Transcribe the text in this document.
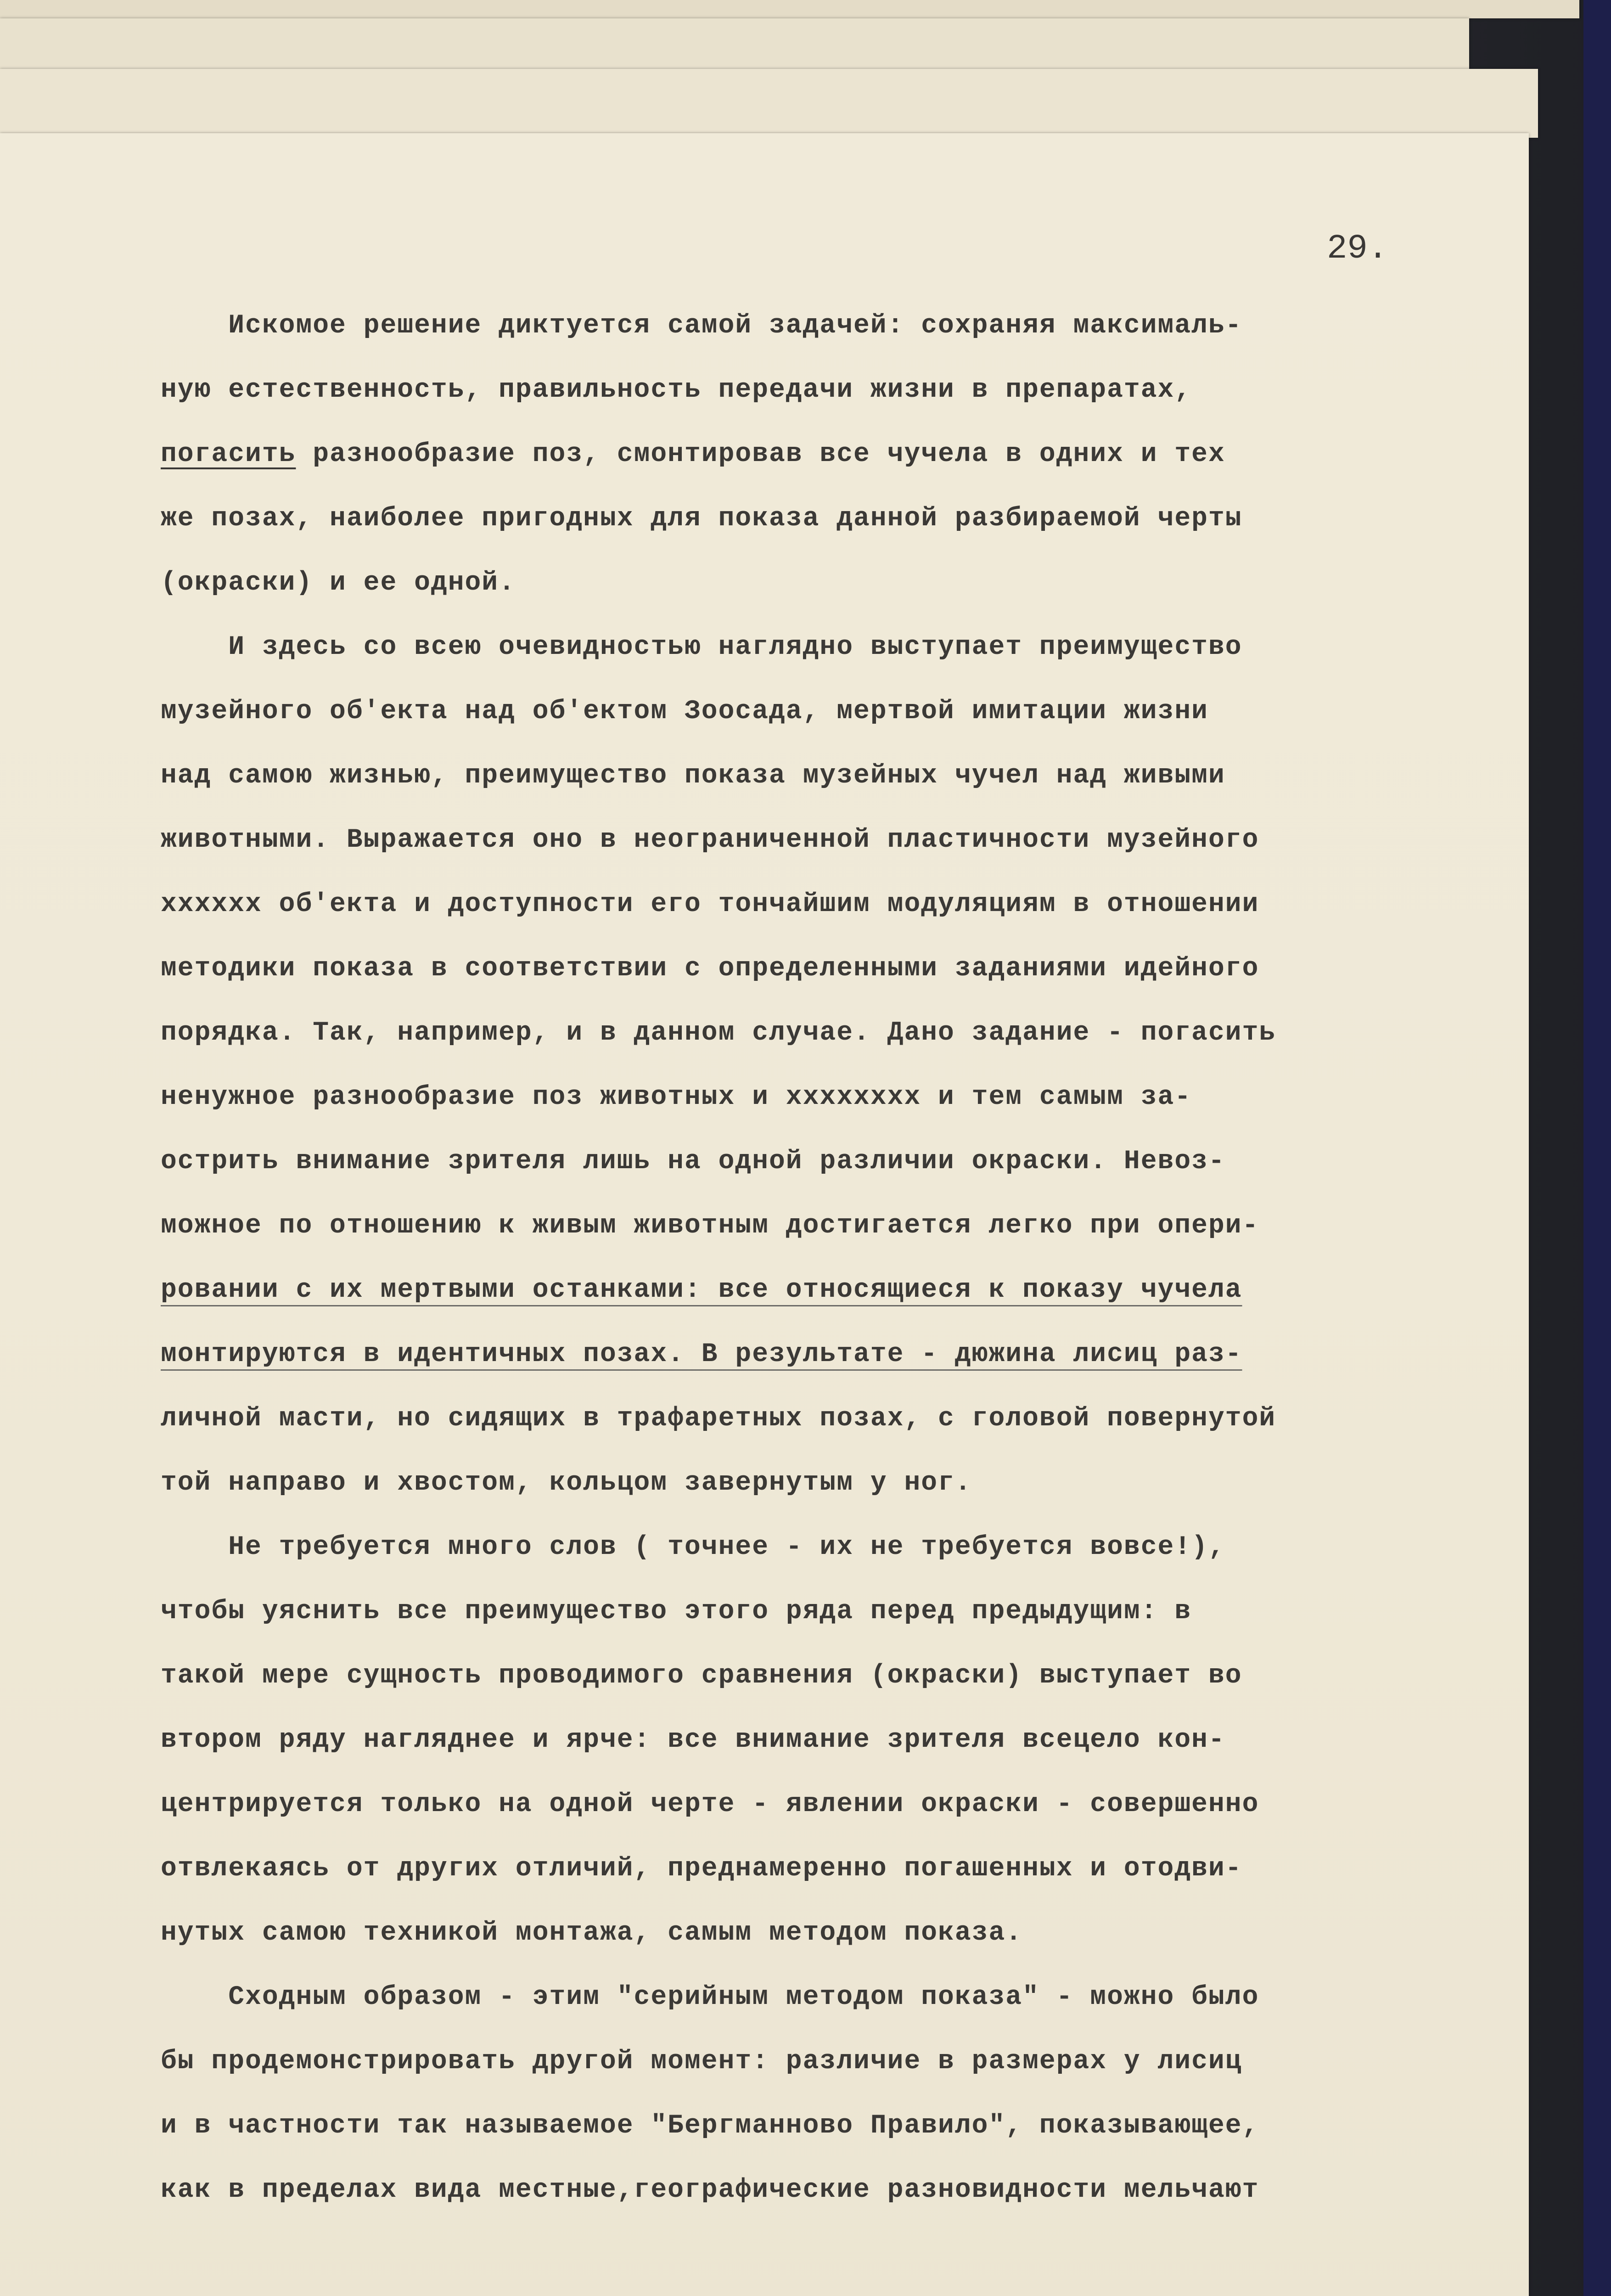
29.

Искомое решение диктуется самой задачей: сохраняя максималь-
ную естественность, правильность передачи жизни в препаратах,
погасить разнообразие поз, смонтировав все чучела в одних и тех
же позах, наиболее пригодных для показа данной разбираемой черты
(окраски) и ее одной.

И здесь со всею очевидностью наглядно выступает преимущество
музейного об'екта над об'ектом Зоосада, мертвой имитации жизни
над самою жизнью, преимущество показа музейных чучел над живыми
животными. Выражается оно в неограниченной пластичности музейного
хххххх об'екта и доступности его тончайшим модуляциям в отношении
методики показа в соответствии с определенными заданиями идейного
порядка. Так, например, и в данном случае. Дано задание - погасить
ненужное разнообразие поз животных и хххххххх и тем самым за-
острить внимание зрителя лишь на одной различии окраски. Невоз-
можное по отношению к живым животным достигается легко при опери-
ровании с их мертвыми останками: все относящиеся к показу чучела
монтируются в идентичных позах. В результате - дюжина лисиц раз-
личной масти, но сидящих в трафаретных позах, с головой повернутой
той направо и хвостом, кольцом завернутым у ног.

Не требуется много слов ( точнее - их не требуется вовсе!),
чтобы уяснить все преимущество этого ряда перед предыдущим: в
такой мере сущность проводимого сравнения (окраски) выступает во
втором ряду нагляднее и ярче: все внимание зрителя всецело кон-
центрируется только на одной черте - явлении окраски - совершенно
отвлекаясь от других отличий, преднамеренно погашенных и отодви-
нутых самою техникой монтажа, самым методом показа.

Сходным образом - этим "серийным методом показа" - можно было
бы продемонстрировать другой момент: различие в размерах у лисиц
и в частности так называемое "Бергманново Правило", показывающее,
как в пределах вида местные,географические разновидности мельчают
